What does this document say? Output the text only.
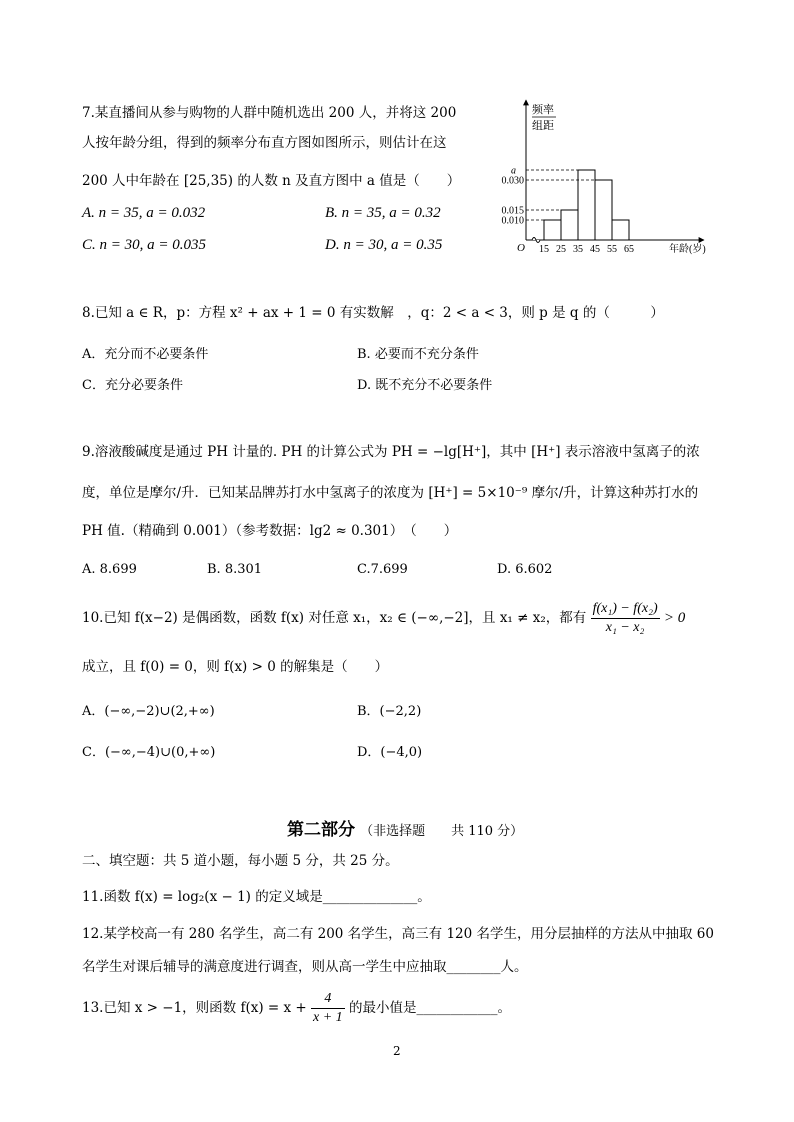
7.某直播间从参与购物的人群中随机选出 200 人，并将这 200
人按年龄分组，得到的频率分布直方图如图所示，则估计在这
200 人中年龄在 [25,35) 的人数 n 及直方图中 a 值是（　　）
A. n = 35, a = 0.032	B. n = 35, a = 0.32
C. n = 30, a = 0.035	D. n = 30, a = 0.35
0.010
0.015
0.030
a
15 25 35 45 55 65
频率
组距
O	年龄(岁)
8.已知 a ∈ R，p：方程 x² + ax + 1 = 0 有实数解　，q：2 < a < 3，则 p 是 q 的（　　　）
A．充分而不必要条件	B. 必要而不充分条件
C．充分必要条件	D. 既不充分不必要条件
9.溶液酸碱度是通过 PH 计量的. PH 的计算公式为 PH = −lg[H⁺]，其中 [H⁺] 表示溶液中氢离子的浓
度，单位是摩尔/升．已知某品牌苏打水中氢离子的浓度为 [H⁺] = 5×10⁻⁹ 摩尔/升，计算这种苏打水的
PH 值.（精确到 0.001）（参考数据：lg2 ≈ 0.301）　（　　）
A. 8.699	B. 8.301	C.7.699	D. 6.602
10.已知 f(x−2) 是偶函数，函数 f(x) 对任意 x₁，x₂ ∈ (−∞,−2]，且 x₁ ≠ x₂，都有 $\frac{\text{f(x₁) − f(x₂)}}{\text{x₁ − x₂}} > 0$
成立，且 f(0) = 0，则 f(x) > 0 的解集是（　　）
A．(−∞,−2)∪(2,+∞)	B．(−2,2)
C．(−∞,−4)∪(0,+∞)	D．(−4,0)
第二部分 （非选择题　　共 110 分）
二、填空题：共 5 道小题，每小题 5 分，共 25 分。
11.函数 f(x) = log₂(x − 1) 的定义域是______________。
12.某学校高一有 280 名学生，高二有 200 名学生，高三有 120 名学生，用分层抽样的方法从中抽取 60
名学生对课后辅导的满意度进行调查，则从高一学生中应抽取________人。
13.已知 x > −1，则函数 $f(x) = x + \frac{4}{x + 1}$ 的最小值是____________。
2
